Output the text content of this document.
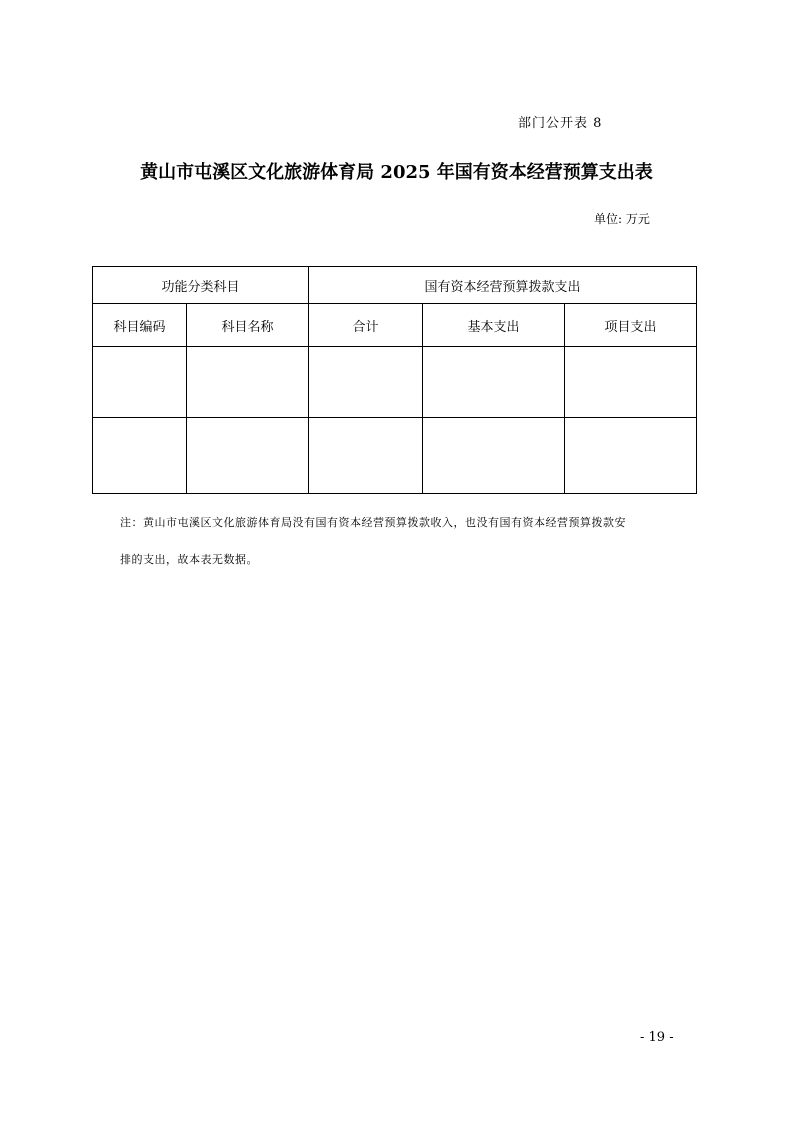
部门公开表 8
黄山市屯溪区文化旅游体育局 2025 年国有资本经营预算支出表
单位: 万元
功能分类科目		国有资本经营预算拨款支出		
科目编码	科目名称	合计	基本支出	项目支出

注：黄山市屯溪区文化旅游体育局没有国有资本经营预算拨款收入，也没有国有资本经营预算拨款安
排的支出，故本表无数据。
- 19 -
